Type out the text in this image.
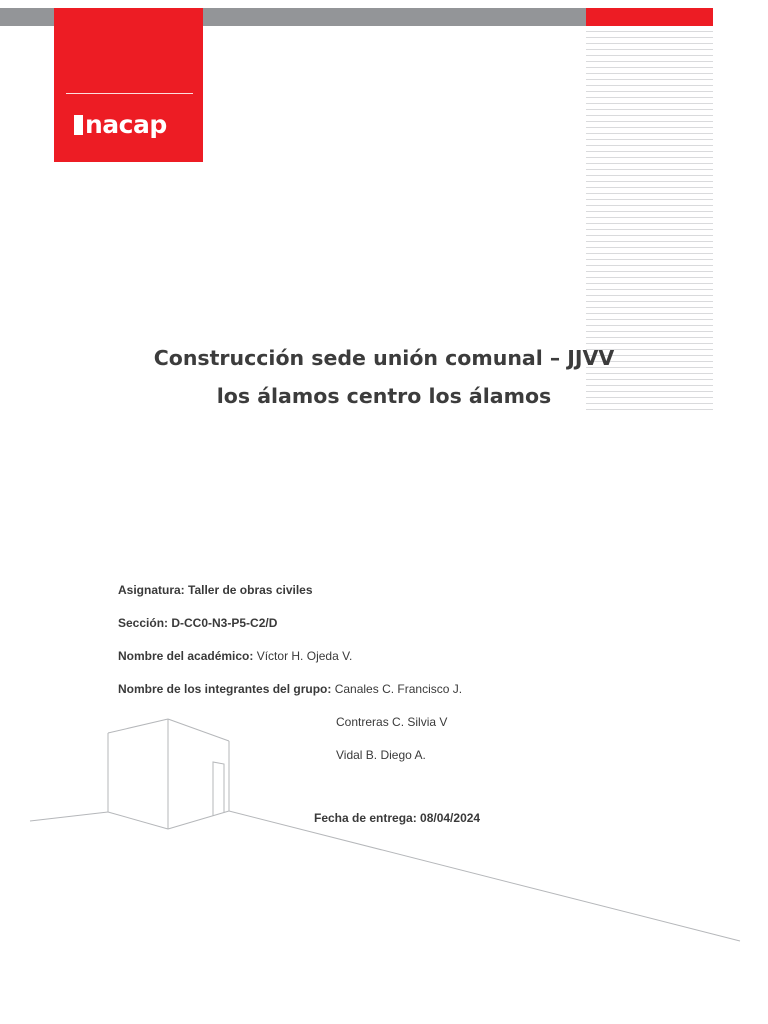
nacap
Construcción sede unión comunal – JJVV
los álamos centro los álamos
Asignatura: Taller de obras civiles
Sección: D-CC0-N3-P5-C2/D
Nombre del académico: Víctor H. Ojeda V.
Nombre de los integrantes del grupo: Canales C. Francisco J.
Contreras C. Silvia V
Vidal B. Diego A.
Fecha de entrega: 08/04/2024
